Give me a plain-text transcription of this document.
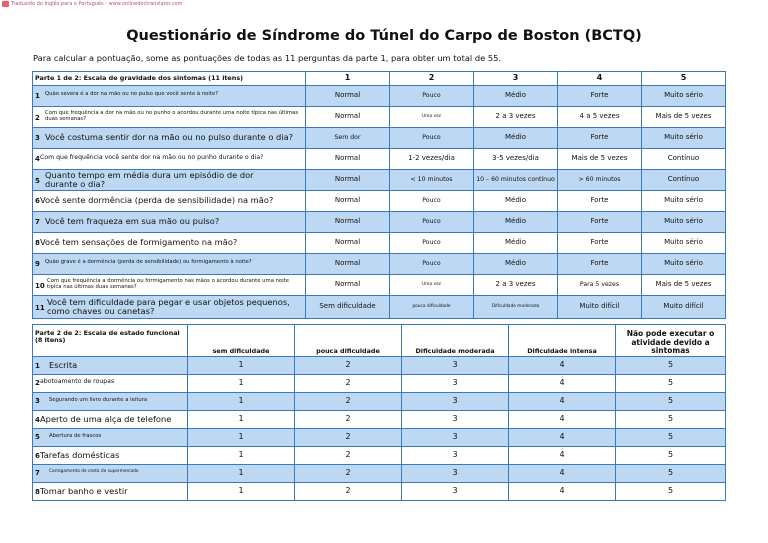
Traduzido do Inglês para o Português - www.onlinedoctranslator.com
Questionário de Síndrome do Túnel do Carpo de Boston (BCTQ)
Para calcular a pontuação, some as pontuações de todas as 11 perguntas da parte 1, para obter um total de 55.
Parte 1 de 2: Escala de gravidade dos sintomas (11 itens)	1	2	3	4	5
1 Quão severa é a dor na mão ou no pulso que você sente à noite?	Normal	Pouco	Médio	Forte	Muito sério
2Com que frequência a dor na mão ou no punho o acordou durante uma noite típica nas últimas duas semanas?	Normal	Uma vez	2 a 3 vezes	4 a 5 vezes	Mais de 5 vezes
3 Você costuma sentir dor na mão ou no pulso durante o dia?	Sem dor	Pouco	Médio	Forte	Muito sério
4Com que frequência você sente dor na mão ou no punho durante o dia?	Normal	1-2 vezes/dia	3-5 vezes/dia	Mais de 5 vezes	Contínuo
5Quanto tempo em média dura um episódio de dor durante o dia?	Normal	< 10 minutos	10 – 60 minutos contínuo	> 60 minutos	Contínuo
6Você sente dormência (perda de sensibilidade) na mão?	Normal	Pouco	Médio	Forte	Muito sério
7 Você tem fraqueza em sua mão ou pulso?	Normal	Pouco	Médio	Forte	Muito sério
8Você tem sensações de formigamento na mão?	Normal	Pouco	Médio	Forte	Muito sério
9 Quão grave é a dormência (perda de sensibilidade) ou formigamento à noite?	Normal	Pouco	Médio	Forte	Muito sério
10Com que frequência a dormência ou formigamento nas mãos o acordou durante uma noite típica nas últimas duas semanas?	Normal	Uma vez	2 a 3 vezes	Para 5 vezes	Mais de 5 vezes
11Você tem dificuldade para pegar e usar objetos pequenos, como chaves ou canetas?	Sem dificuldade	pouca dificuldade	Dificuldade moderada	Muito difícil	Muito difícil
Parte 2 de 2: Escala de estado funcional (8 itens)	sem dificuldade	pouca dificuldade	Dificuldade moderada	Dificuldade intensa	Não pode executar o atividade devido a sintomas
1 Escrita	1	2	3	4	5
2abotoamento de roupas	1	2	3	4	5
3 Segurando um livro durante a leitura	1	2	3	4	5
4Aperto de uma alça de telefone	1	2	3	4	5
5 Abertura de frascos	1	2	3	4	5
6Tarefas domésticas	1	2	3	4	5
7 Carregamento de cesta de supermercado	1	2	3	4	5
8Tomar banho e vestir	1	2	3	4	5
